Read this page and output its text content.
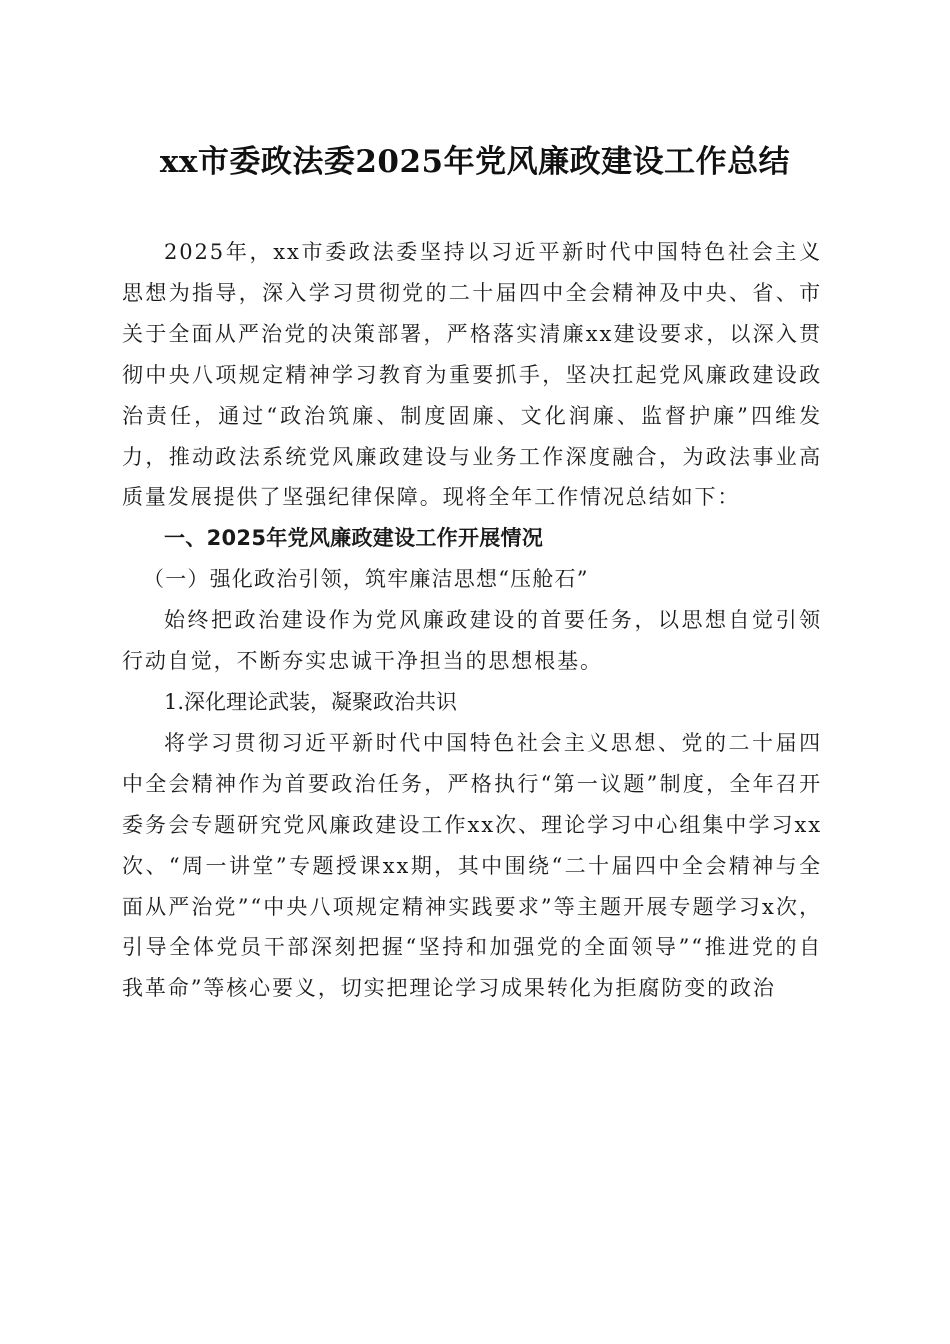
xx市委政法委2025年党风廉政建设工作总结

2025年，xx市委政法委坚持以习近平新时代中国特色社会主义思想为指导，深入学习贯彻党的二十届四中全会精神及中央、省、市关于全面从严治党的决策部署，严格落实清廉xx建设要求，以深入贯彻中央八项规定精神学习教育为重要抓手，坚决扛起党风廉政建设政治责任，通过“政治筑廉、制度固廉、文化润廉、监督护廉”四维发力，推动政法系统党风廉政建设与业务工作深度融合，为政法事业高质量发展提供了坚强纪律保障。现将全年工作情况总结如下：

一、2025年党风廉政建设工作开展情况

（一）强化政治引领，筑牢廉洁思想“压舱石”

始终把政治建设作为党风廉政建设的首要任务，以思想自觉引领行动自觉，不断夯实忠诚干净担当的思想根基。

1.深化理论武装，凝聚政治共识

将学习贯彻习近平新时代中国特色社会主义思想、党的二十届四中全会精神作为首要政治任务，严格执行“第一议题”制度，全年召开委务会专题研究党风廉政建设工作xx次、理论学习中心组集中学习xx次、“周一讲堂”专题授课xx期，其中围绕“二十届四中全会精神与全面从严治党”“中央八项规定精神实践要求”等主题开展专题学习x次，引导全体党员干部深刻把握“坚持和加强党的全面领导”“推进党的自我革命”等核心要义，切实把理论学习成果转化为拒腐防变的政治
